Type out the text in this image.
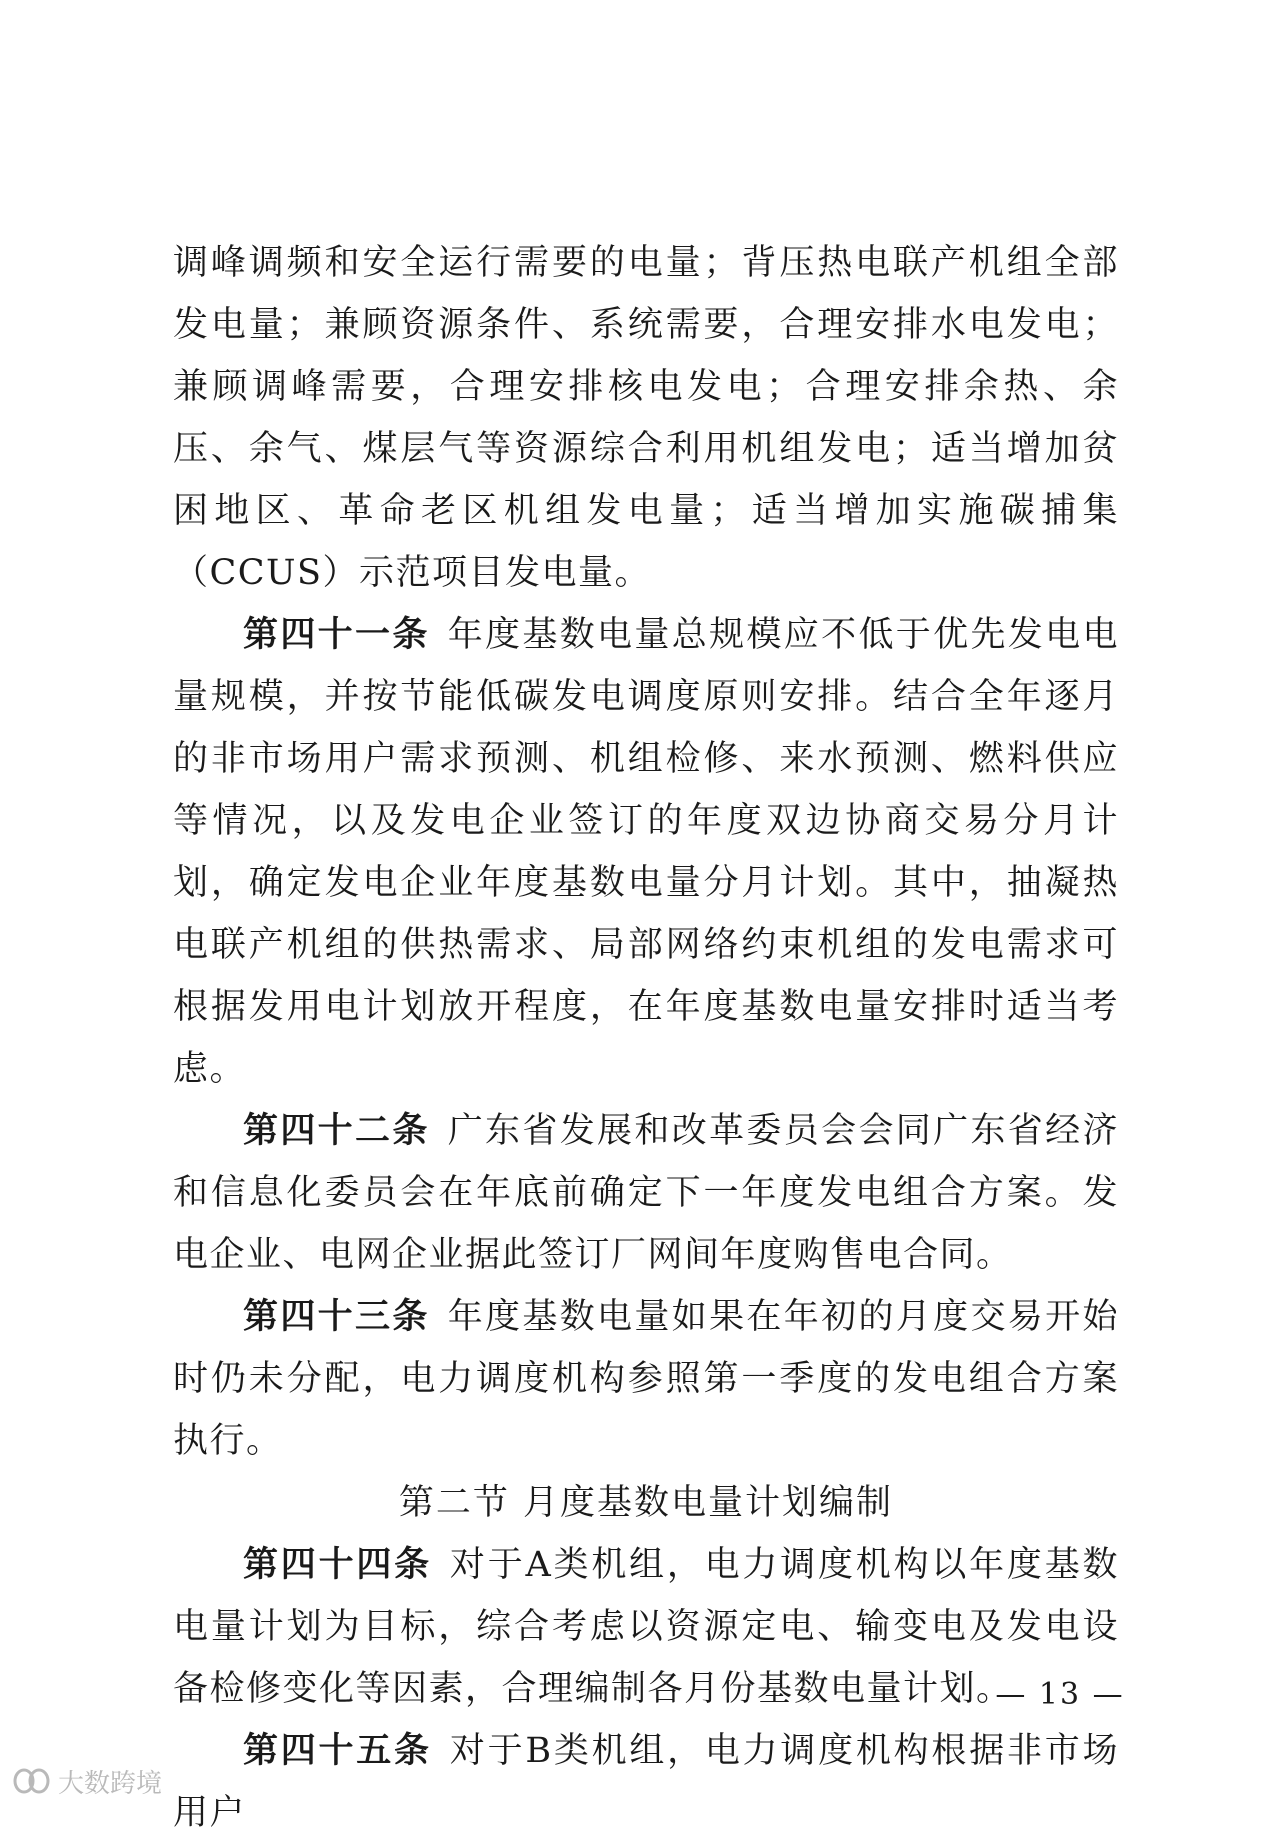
调峰调频和安全运行需要的电量；背压热电联产机组全部发电量；兼顾资源条件、系统需要，合理安排水电发电；兼顾调峰需要，合理安排核电发电；合理安排余热、余压、余气、煤层气等资源综合利用机组发电；适当增加贫困地区、革命老区机组发电量；适当增加实施碳捕集（CCUS）示范项目发电量。

第四十一条 年度基数电量总规模应不低于优先发电电量规模，并按节能低碳发电调度原则安排。结合全年逐月的非市场用户需求预测、机组检修、来水预测、燃料供应等情况，以及发电企业签订的年度双边协商交易分月计划，确定发电企业年度基数电量分月计划。其中，抽凝热电联产机组的供热需求、局部网络约束机组的发电需求可根据发用电计划放开程度，在年度基数电量安排时适当考虑。

第四十二条 广东省发展和改革委员会会同广东省经济和信息化委员会在年底前确定下一年度发电组合方案。发电企业、电网企业据此签订厂网间年度购售电合同。

第四十三条 年度基数电量如果在年初的月度交易开始时仍未分配，电力调度机构参照第一季度的发电组合方案执行。

第二节 月度基数电量计划编制

第四十四条 对于A类机组，电力调度机构以年度基数电量计划为目标，综合考虑以资源定电、输变电及发电设备检修变化等因素，合理编制各月份基数电量计划。

第四十五条 对于B类机组，电力调度机构根据非市场用户

— 13 —
大数跨境
